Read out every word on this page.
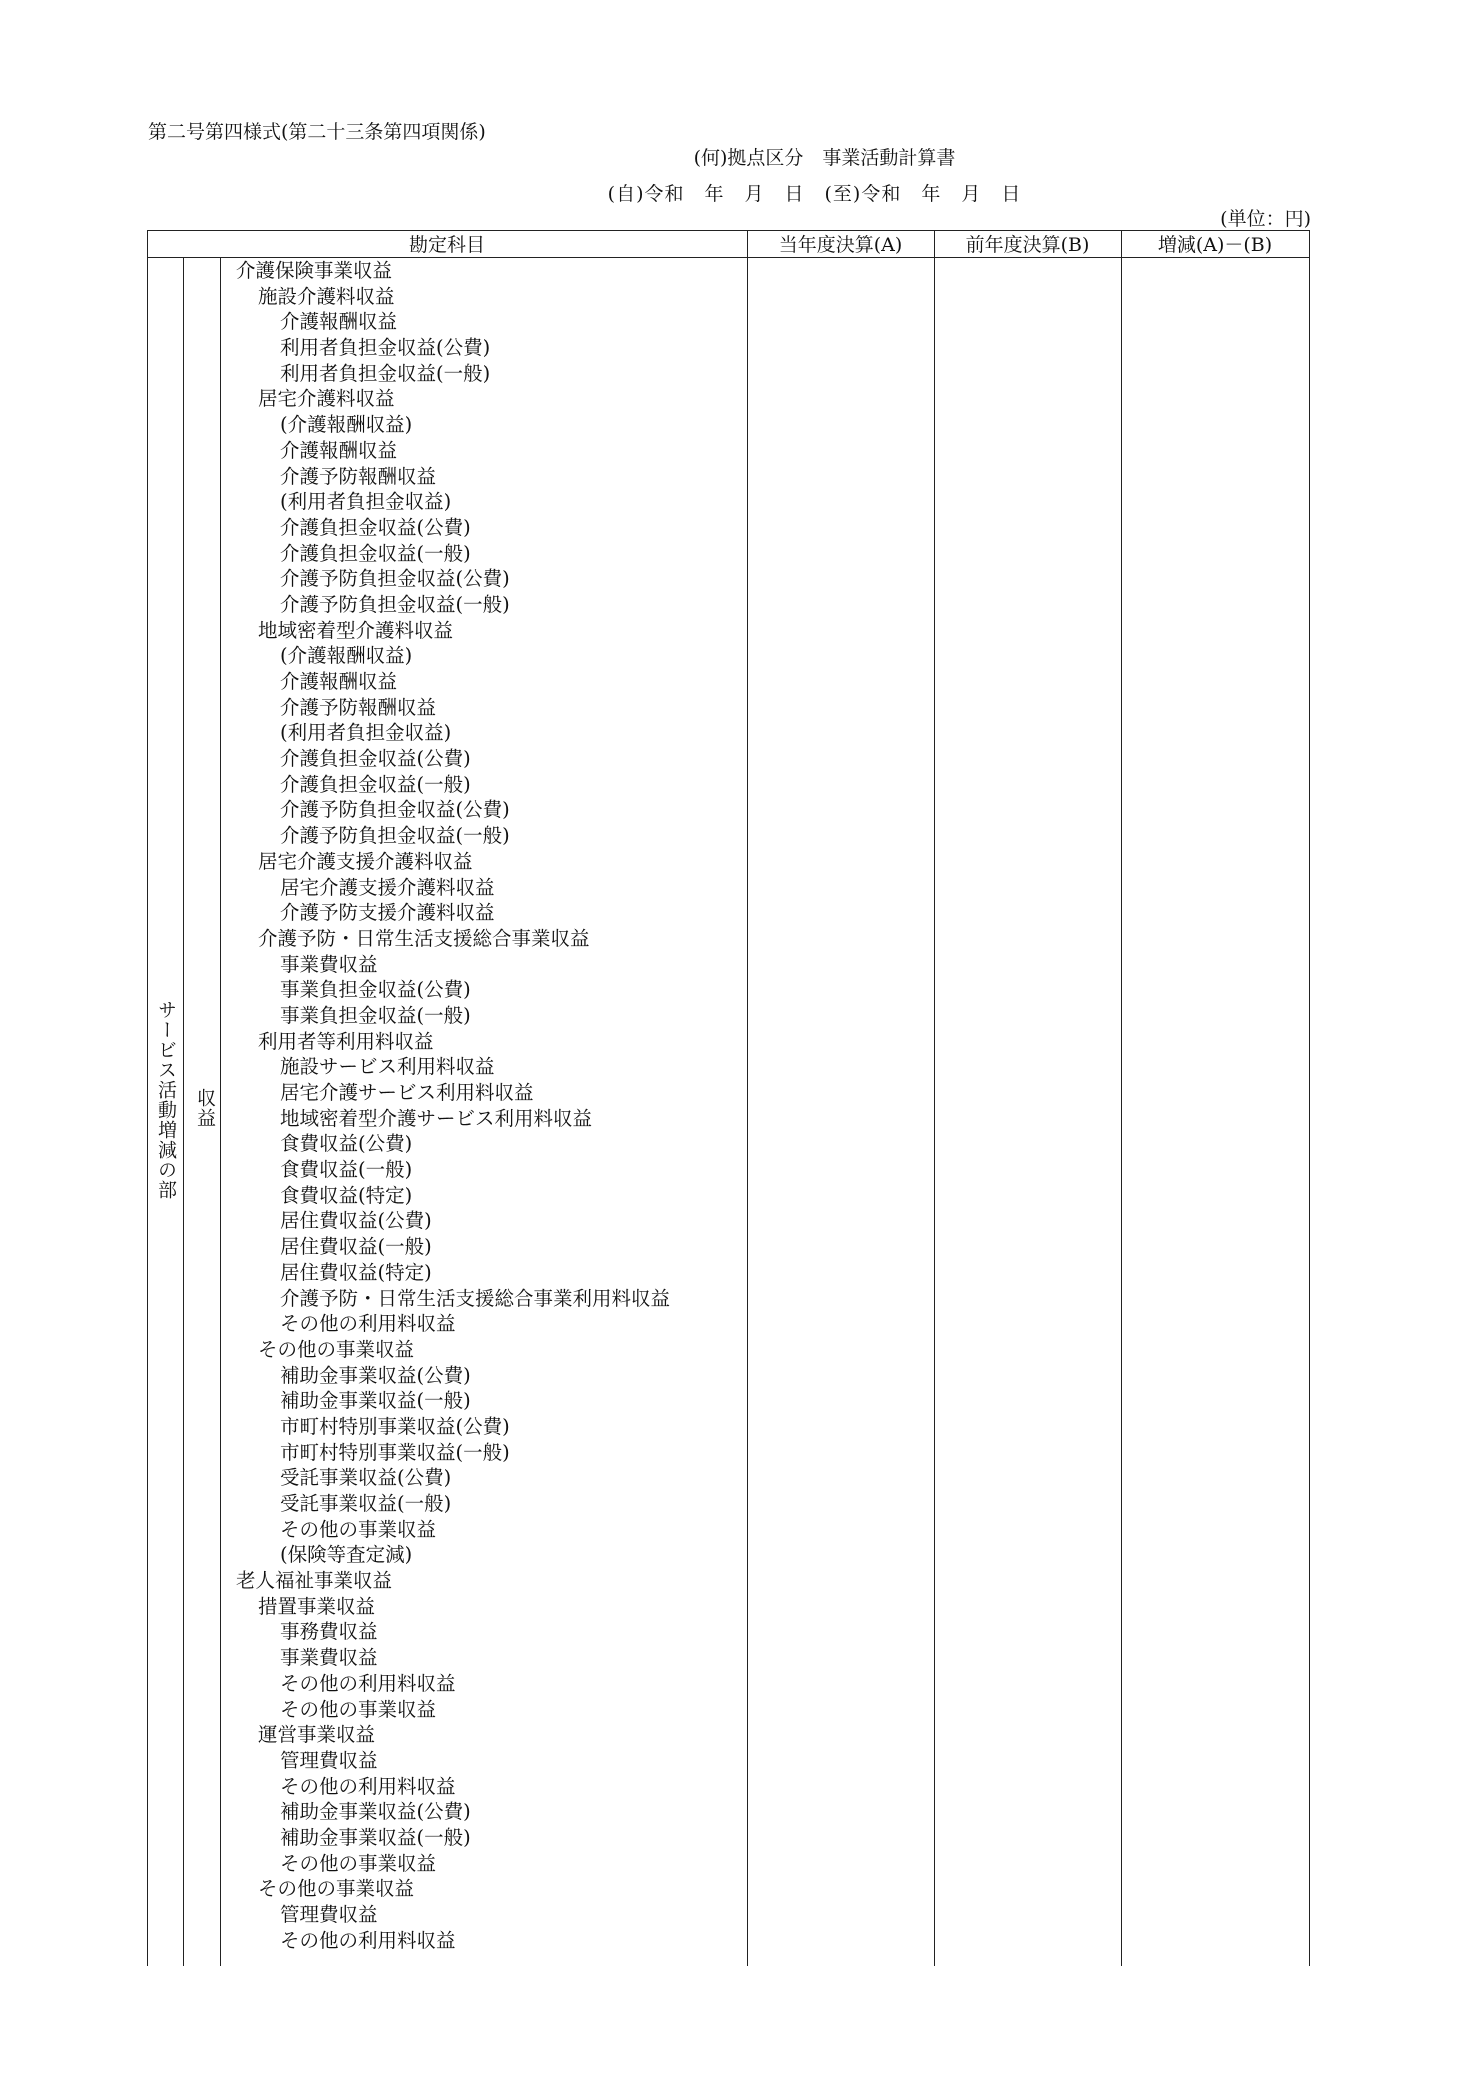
第二号第四様式(第二十三条第四項関係)
(何)拠点区分　事業活動計算書
(自)令和　年　月　日　(至)令和　年　月　日
(単位：円)
勘定科目	当年度決算(A)	前年度決算(B)	増減(A)－(B)
サービス活動増減の部 収益
介護保険事業収益
施設介護料収益
介護報酬収益
利用者負担金収益(公費)
利用者負担金収益(一般)
居宅介護料収益
(介護報酬収益)
介護報酬収益
介護予防報酬収益
(利用者負担金収益)
介護負担金収益(公費)
介護負担金収益(一般)
介護予防負担金収益(公費)
介護予防負担金収益(一般)
地域密着型介護料収益
(介護報酬収益)
介護報酬収益
介護予防報酬収益
(利用者負担金収益)
介護負担金収益(公費)
介護負担金収益(一般)
介護予防負担金収益(公費)
介護予防負担金収益(一般)
居宅介護支援介護料収益
居宅介護支援介護料収益
介護予防支援介護料収益
介護予防・日常生活支援総合事業収益
事業費収益
事業負担金収益(公費)
事業負担金収益(一般)
利用者等利用料収益
施設サービス利用料収益
居宅介護サービス利用料収益
地域密着型介護サービス利用料収益
食費収益(公費)
食費収益(一般)
食費収益(特定)
居住費収益(公費)
居住費収益(一般)
居住費収益(特定)
介護予防・日常生活支援総合事業利用料収益
その他の利用料収益
その他の事業収益
補助金事業収益(公費)
補助金事業収益(一般)
市町村特別事業収益(公費)
市町村特別事業収益(一般)
受託事業収益(公費)
受託事業収益(一般)
その他の事業収益
(保険等査定減)
老人福祉事業収益
措置事業収益
事務費収益
事業費収益
その他の利用料収益
その他の事業収益
運営事業収益
管理費収益
その他の利用料収益
補助金事業収益(公費)
補助金事業収益(一般)
その他の事業収益
その他の事業収益
管理費収益
その他の利用料収益
